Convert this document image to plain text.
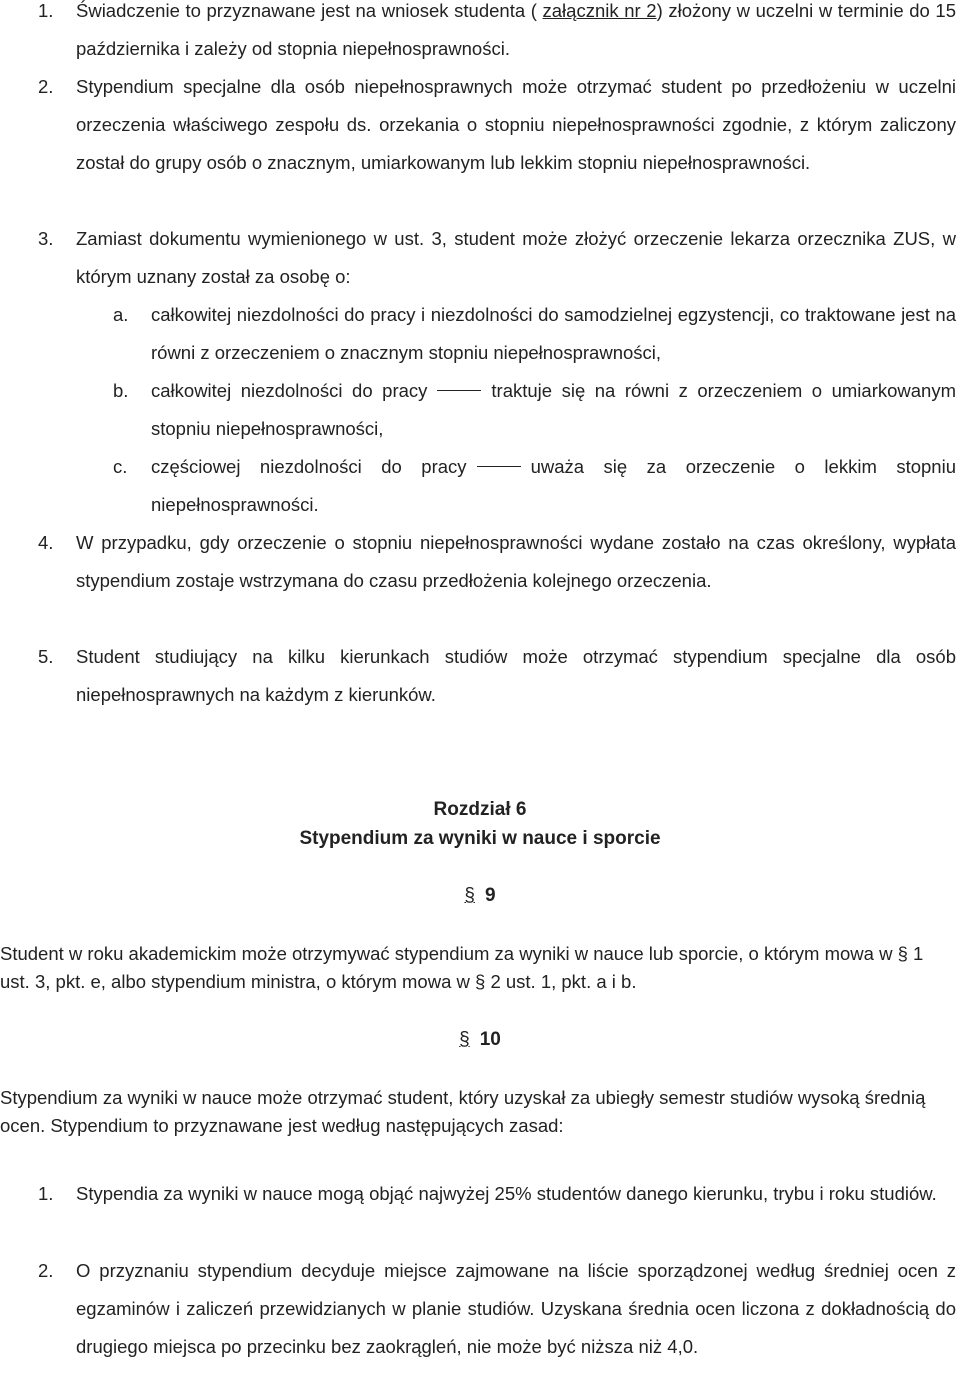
1.	Świadczenie to przyznawane jest na wniosek studenta ( załącznik nr 2) złożony w uczelni w terminie do 15 października i zależy od stopnia niepełnosprawności.
2.	Stypendium specjalne dla osób niepełnosprawnych może otrzymać student po przedłożeniu w uczelni orzeczenia właściwego zespołu ds. orzekania o stopniu niepełnosprawności zgodnie, z którym zaliczony został do grupy osób o znacznym, umiarkowanym lub lekkim stopniu niepełnosprawności.
3.	Zamiast dokumentu wymienionego w ust. 3, student może złożyć orzeczenie lekarza orzecznika ZUS, w którym uznany został za osobę o:
a.	całkowitej niezdolności do pracy i niezdolności do samodzielnej egzystencji, co traktowane jest na równi z orzeczeniem o znacznym stopniu niepełnosprawności,
b.	całkowitej niezdolności do pracy	traktuje się na równi z orzeczeniem o umiarkowanym stopniu niepełnosprawności,
c.	częściowej niezdolności do pracy	uważa się za orzeczenie o lekkim stopniu niepełnosprawności.
4.	W przypadku, gdy orzeczenie o stopniu niepełnosprawności wydane zostało na czas określony, wypłata stypendium zostaje wstrzymana do czasu przedłożenia kolejnego orzeczenia.
5.	Student studiujący na kilku kierunkach studiów może otrzymać stypendium specjalne dla osób niepełnosprawnych na każdym z kierunków.
Rozdział 6
Stypendium za wyniki w nauce i sporcie
§ 9
Student w roku akademickim może otrzymywać stypendium za wyniki w nauce lub sporcie, o którym mowa w § 1 ust. 3, pkt. e, albo stypendium ministra, o którym mowa w § 2 ust. 1, pkt. a i b.
§ 10
Stypendium za wyniki w nauce może otrzymać student, który uzyskał za ubiegły semestr studiów wysoką średnią ocen. Stypendium to przyznawane jest według następujących zasad:
1.	Stypendia za wyniki w nauce mogą objąć najwyżej 25% studentów danego kierunku, trybu i roku studiów.
2.	O przyznaniu stypendium decyduje miejsce zajmowane na liście sporządzonej według średniej ocen z egzaminów i zaliczeń przewidzianych w planie studiów. Uzyskana średnia ocen liczona z dokładnością do drugiego miejsca po przecinku bez zaokrągleń, nie może być niższa niż 4,0.
